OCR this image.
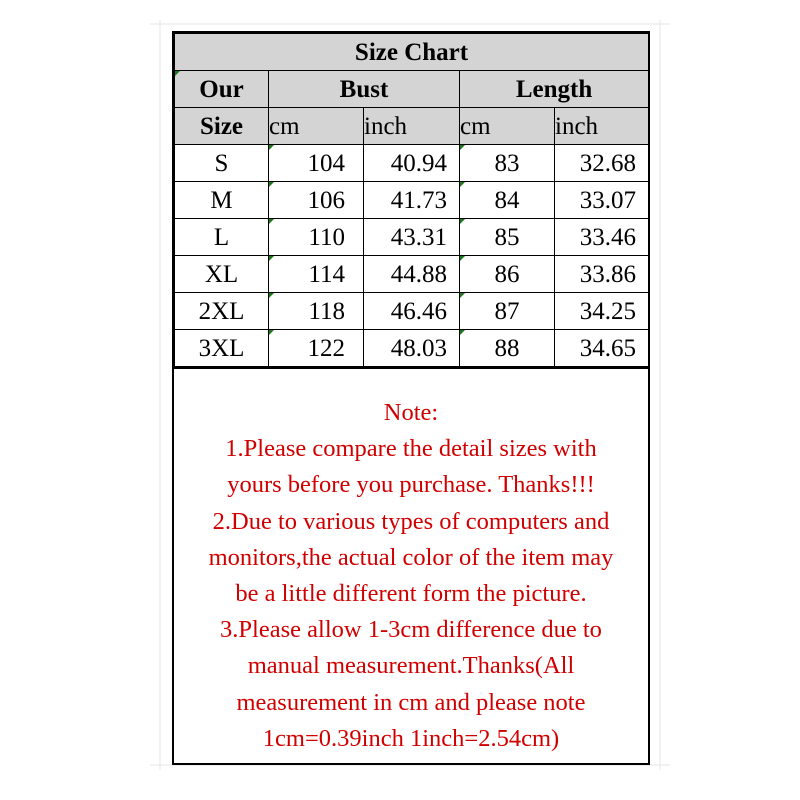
Size Chart				
Our	Bust		Length	
Size	cm	inch	cm	inch
S	104	40.94	83	32.68
M	106	41.73	84	33.07
L	110	43.31	85	33.46
XL	114	44.88	86	33.86
2XL	118	46.46	87	34.25
3XL	122	48.03	88	34.65
Note:
1.Please compare the detail sizes with
yours before you purchase. Thanks!!!
2.Due to various types of computers and
monitors,the actual color of the item may
be a little different form the picture.
3.Please allow 1-3cm difference due to
manual measurement.Thanks(All
measurement in cm and please note
1cm=0.39inch 1inch=2.54cm)
